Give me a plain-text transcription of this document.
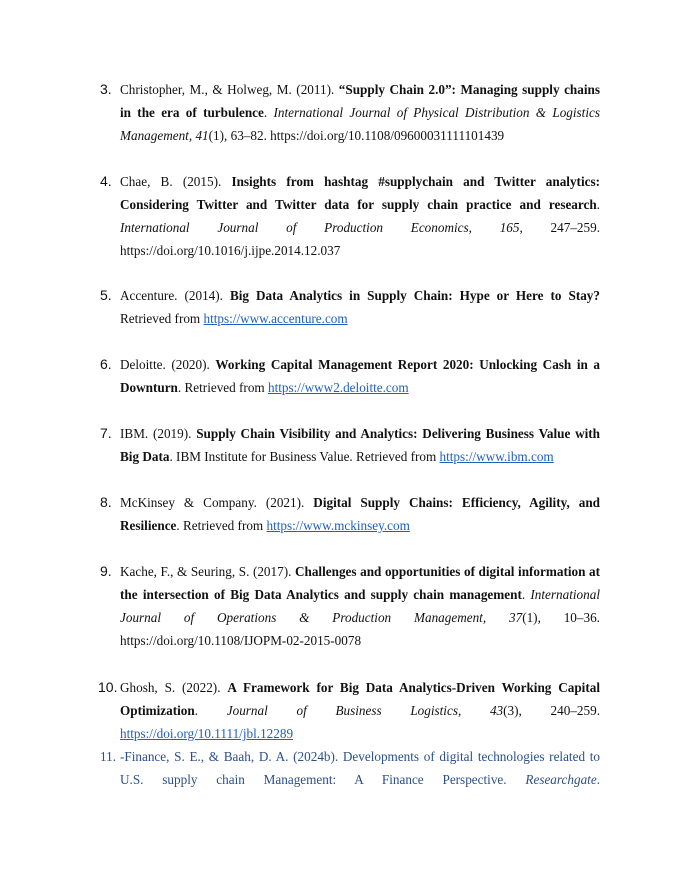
3. Christopher, M., & Holweg, M. (2011). “Supply Chain 2.0”: Managing supply chains in the era of turbulence. International Journal of Physical Distribution & Logistics Management, 41(1), 63–82. https://doi.org/10.1108/09600031111101439
4. Chae, B. (2015). Insights from hashtag #supplychain and Twitter analytics: Considering Twitter and Twitter data for supply chain practice and research. International Journal of Production Economics, 165, 247–259. https://doi.org/10.1016/j.ijpe.2014.12.037
5. Accenture. (2014). Big Data Analytics in Supply Chain: Hype or Here to Stay? Retrieved from https://www.accenture.com
6. Deloitte. (2020). Working Capital Management Report 2020: Unlocking Cash in a Downturn. Retrieved from https://www2.deloitte.com
7. IBM. (2019). Supply Chain Visibility and Analytics: Delivering Business Value with Big Data. IBM Institute for Business Value. Retrieved from https://www.ibm.com
8. McKinsey & Company. (2021). Digital Supply Chains: Efficiency, Agility, and Resilience. Retrieved from https://www.mckinsey.com
9. Kache, F., & Seuring, S. (2017). Challenges and opportunities of digital information at the intersection of Big Data Analytics and supply chain management. International Journal of Operations & Production Management, 37(1), 10–36. https://doi.org/10.1108/IJOPM-02-2015-0078
10. Ghosh, S. (2022). A Framework for Big Data Analytics-Driven Working Capital Optimization. Journal of Business Logistics, 43(3), 240–259. https://doi.org/10.1111/jbl.12289
11. -Finance, S. E., & Baah, D. A. (2024b). Developments of digital technologies related to U.S. supply chain Management: A Finance Perspective. Researchgate.
